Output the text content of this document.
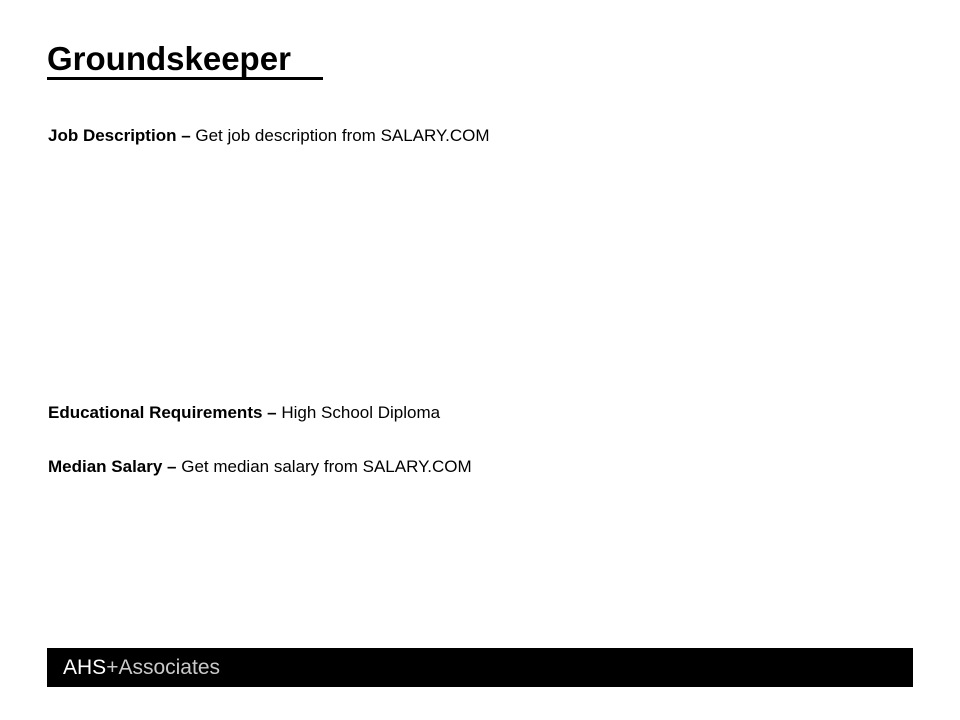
Groundskeeper
Job Description – Get job description from SALARY.COM
Educational Requirements – High School Diploma
Median Salary – Get median salary from SALARY.COM
AHS+Associates
